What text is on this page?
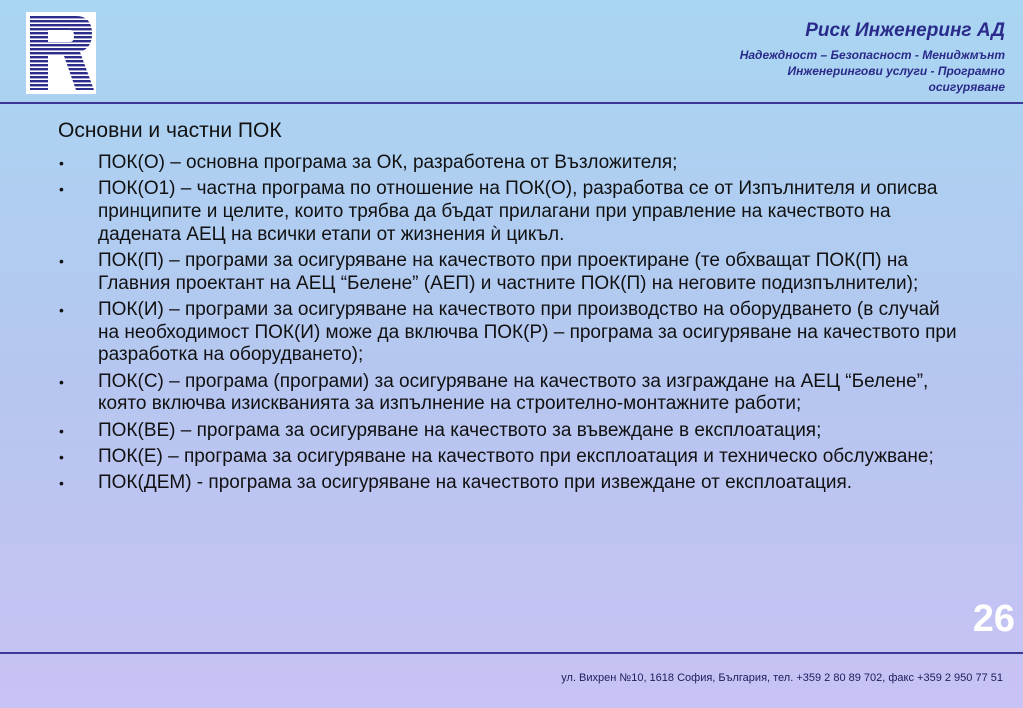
Риск Инженеринг АД
Надеждност – Безопасност - Мениджмънт
Инженерингови услуги - Програмно
осигуряване
Основни и частни ПОК
• ПОК(О) – основна програма за ОК, разработена от Възложителя;
• ПОК(О1) – частна програма по отношение на ПОК(О), разработва се от Изпълнителя и описва принципите и целите, които трябва да бъдат прилагани при управление на качеството на дадената АЕЦ на всички етапи от жизнения ѝ цикъл.
• ПОК(П) – програми за осигуряване на качеството при проектиране (те обхващат ПОК(П) на Главния проектант на АЕЦ “Белене” (АЕП) и частните ПОК(П) на неговите подизпълнители);
• ПОК(И) – програми за осигуряване на качеството при производство на оборудването (в случай на необходимост ПОК(И) може да включва ПОК(Р) – програма за осигуряване на качеството при разработка на оборудването);
• ПОК(С) – програма (програми) за осигуряване на качеството за изграждане на АЕЦ “Белене”, която включва изискванията за изпълнение на строително-монтажните работи;
• ПОК(ВЕ) – програма за осигуряване на качеството за въвеждане в експлоатация;
• ПОК(Е) – програма за осигуряване на качеството при експлоатация и техническо обслужване;
• ПОК(ДЕМ) - програма за осигуряване на качеството при извеждане от експлоатация.
26
ул. Вихрен №10, 1618 София, България, тел. +359 2 80 89 702, факс +359 2 950 77 51
